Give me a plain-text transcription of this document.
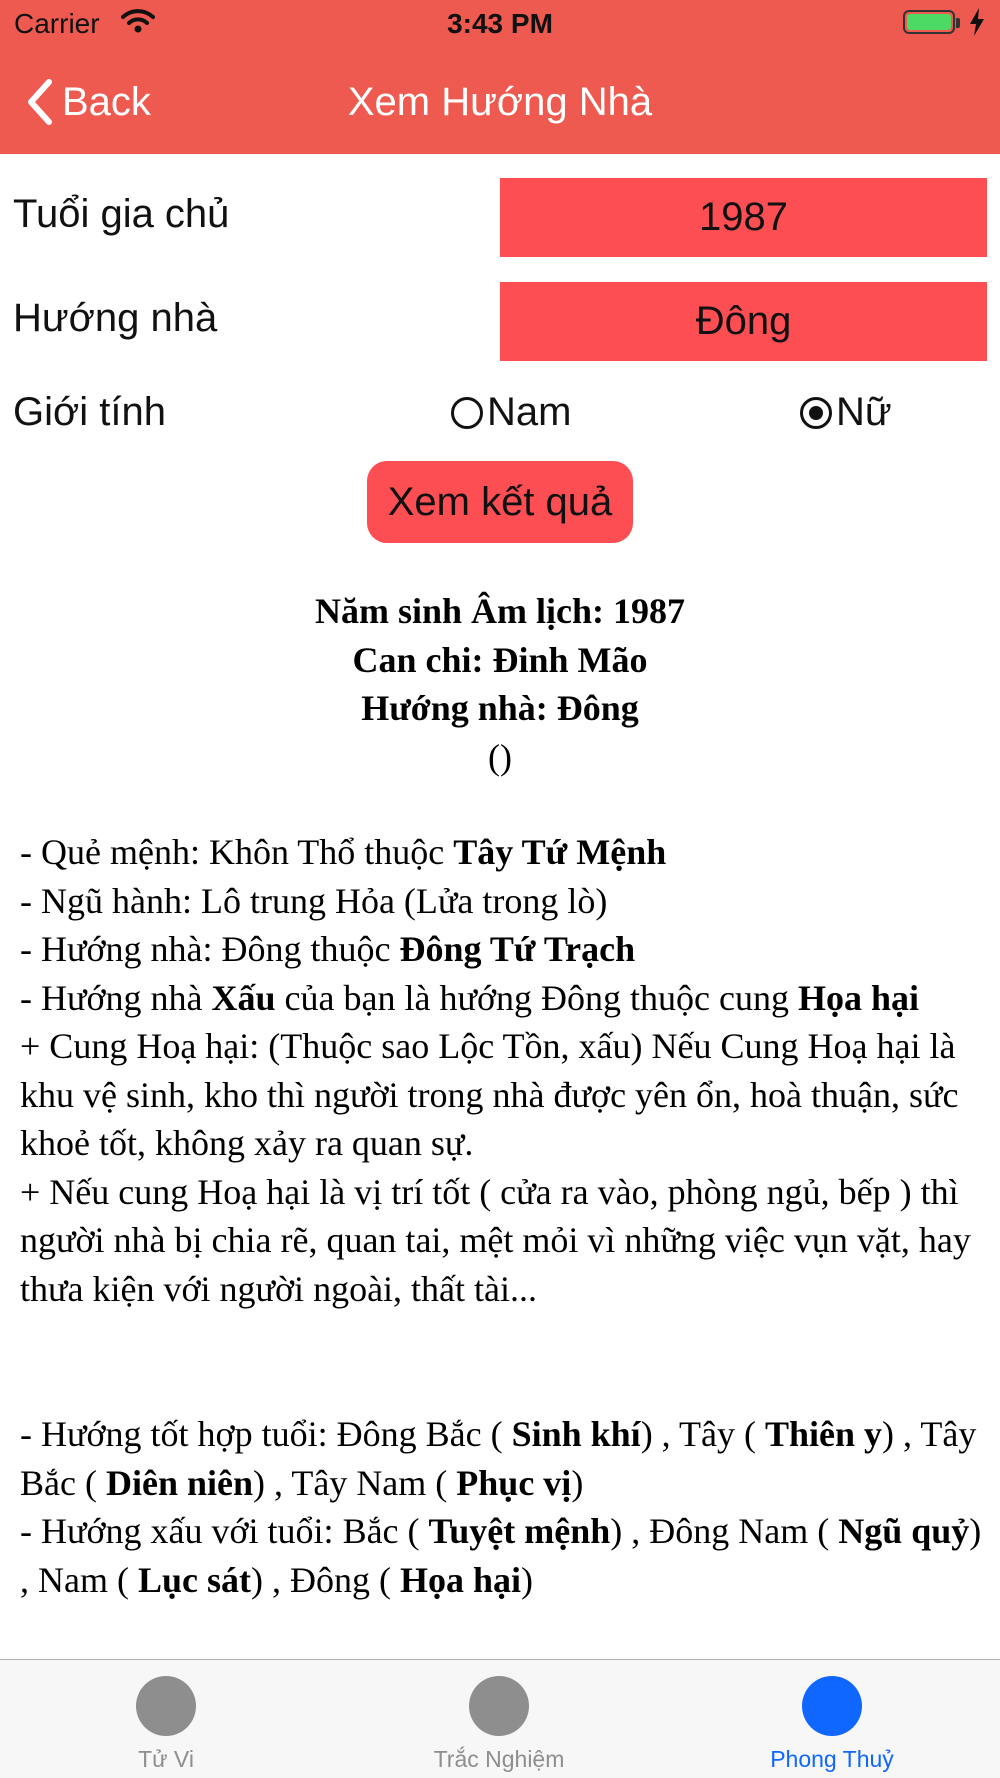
Carrier	3:43 PM
Back	Xem Hướng Nhà
Tuổi gia chủ	1987
Hướng nhà	Đông
Giới tính	Nam	Nữ
Xem kết quả
Năm sinh Âm lịch: 1987
Can chi: Đinh Mão
Hướng nhà: Đông
()

- Quẻ mệnh: Khôn Thổ thuộc Tây Tứ Mệnh

- Ngũ hành: Lô trung Hỏa (Lửa trong lò)

- Hướng nhà: Đông thuộc Đông Tứ Trạch

- Hướng nhà Xấu của bạn là hướng Đông thuộc cung Họa hại

+ Cung Hoạ hại: (Thuộc sao Lộc Tồn, xấu) Nếu Cung Hoạ hại là khu vệ sinh, kho thì người trong nhà được yên ổn, hoà thuận, sức khoẻ tốt, không xảy ra quan sự.

+ Nếu cung Hoạ hại là vị trí tốt ( cửa ra vào, phòng ngủ, bếp ) thì người nhà bị chia rẽ, quan tai, mệt mỏi vì những việc vụn vặt, hay thưa kiện với người ngoài, thất tài...

- Hướng tốt hợp tuổi: Đông Bắc ( Sinh khí) , Tây ( Thiên y) , Tây Bắc ( Diên niên) , Tây Nam ( Phục vị)

- Hướng xấu với tuổi: Bắc ( Tuyệt mệnh) , Đông Nam ( Ngũ quỷ) , Nam ( Lục sát) , Đông ( Họa hại)

Tử Vi	Trắc Nghiệm	Phong Thuỷ
